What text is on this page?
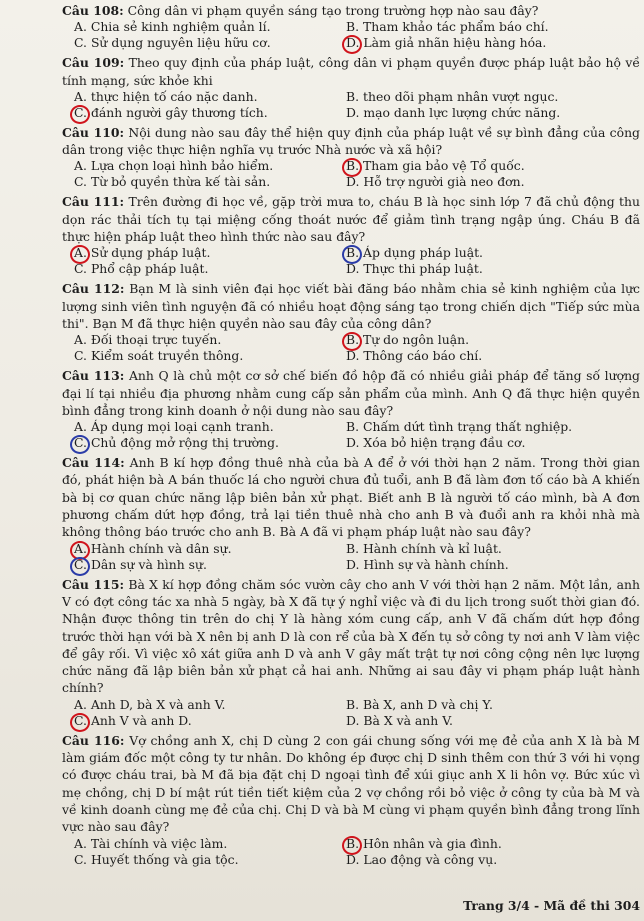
Câu 108: Công dân vi phạm quyền sáng tạo trong trường hợp nào sau đây?

A. Chia sẻ kinh nghiệm quản lí.	B. Tham khảo tác phẩm báo chí.
C. Sử dụng nguyên liệu hữu cơ.	D. Làm giả nhãn hiệu hàng hóa.

Câu 109: Theo quy định của pháp luật, công dân vi phạm quyền được pháp luật bảo hộ về tính mạng, sức khỏe khi

A. thực hiện tố cáo nặc danh.	B. theo dõi phạm nhân vượt ngục.
C. đánh người gây thương tích.	D. mạo danh lực lượng chức năng.

Câu 110: Nội dung nào sau đây thể hiện quy định của pháp luật về sự bình đẳng của công dân trong việc thực hiện nghĩa vụ trước Nhà nước và xã hội?

A. Lựa chọn loại hình bảo hiểm.	B. Tham gia bảo vệ Tổ quốc.
C. Từ bỏ quyền thừa kế tài sản.	D. Hỗ trợ người già neo đơn.

Câu 111: Trên đường đi học về, gặp trời mưa to, cháu B là học sinh lớp 7 đã chủ động thu dọn rác thải tích tụ tại miệng cống thoát nước để giảm tình trạng ngập úng. Cháu B đã thực hiện pháp luật theo hình thức nào sau đây?

A. Sử dụng pháp luật.	B. Áp dụng pháp luật.
C. Phổ cập pháp luật.	D. Thực thi pháp luật.

Câu 112: Bạn M là sinh viên đại học viết bài đăng báo nhằm chia sẻ kinh nghiệm của lực lượng sinh viên tình nguyện đã có nhiều hoạt động sáng tạo trong chiến dịch "Tiếp sức mùa thi". Bạn M đã thực hiện quyền nào sau đây của công dân?

A. Đối thoại trực tuyến.	B. Tự do ngôn luận.
C. Kiểm soát truyền thông.	D. Thông cáo báo chí.

Câu 113: Anh Q là chủ một cơ sở chế biến đồ hộp đã có nhiều giải pháp để tăng số lượng đại lí tại nhiều địa phương nhằm cung cấp sản phẩm của mình. Anh Q đã thực hiện quyền bình đẳng trong kinh doanh ở nội dung nào sau đây?

A. Áp dụng mọi loại cạnh tranh.	B. Chấm dứt tình trạng thất nghiệp.
C. Chủ động mở rộng thị trường.	D. Xóa bỏ hiện trạng đầu cơ.

Câu 114: Anh B kí hợp đồng thuê nhà của bà A để ở với thời hạn 2 năm. Trong thời gian đó, phát hiện bà A bán thuốc lá cho người chưa đủ tuổi, anh B đã làm đơn tố cáo bà A khiến bà bị cơ quan chức năng lập biên bản xử phạt. Biết anh B là người tố cáo mình, bà A đơn phương chấm dứt hợp đồng, trả lại tiền thuê nhà cho anh B và đuổi anh ra khỏi nhà mà không thông báo trước cho anh B. Bà A đã vi phạm pháp luật nào sau đây?

A. Hành chính và dân sự.	B. Hành chính và kỉ luật.
C. Dân sự và hình sự.	D. Hình sự và hành chính.

Câu 115: Bà X kí hợp đồng chăm sóc vườn cây cho anh V với thời hạn 2 năm. Một lần, anh V có đợt công tác xa nhà 5 ngày, bà X đã tự ý nghỉ việc và đi du lịch trong suốt thời gian đó. Nhận được thông tin trên do chị Y là hàng xóm cung cấp, anh V đã chấm dứt hợp đồng trước thời hạn với bà X nên bị anh D là con rể của bà X đến tụ sở công ty nơi anh V làm việc để gây rối. Vì việc xô xát giữa anh D và anh V gây mất trật tự nơi công cộng nên lực lượng chức năng đã lập biên bản xử phạt cả hai anh. Những ai sau đây vi phạm pháp luật hành chính?

A. Anh D, bà X và anh V.	B. Bà X, anh D và chị Y.
C. Anh V và anh D.	D. Bà X và anh V.

Câu 116: Vợ chồng anh X, chị D cùng 2 con gái chung sống với mẹ đẻ của anh X là bà M làm giám đốc một công ty tư nhân. Do không ép được chị D sinh thêm con thứ 3 với hi vọng có được cháu trai, bà M đã bịa đặt chị D ngoại tình để xúi giục anh X li hôn vợ. Bức xúc vì mẹ chồng, chị D bí mật rút tiền tiết kiệm của 2 vợ chồng rồi bỏ việc ở công ty của bà M và về kinh doanh cùng mẹ đẻ của chị. Chị D và bà M cùng vi phạm quyền bình đẳng trong lĩnh vực nào sau đây?

A. Tài chính và việc làm.	B. Hôn nhân và gia đình.
C. Huyết thống và gia tộc.	D. Lao động và công vụ.
Trang 3/4 - Mã đề thi 304
